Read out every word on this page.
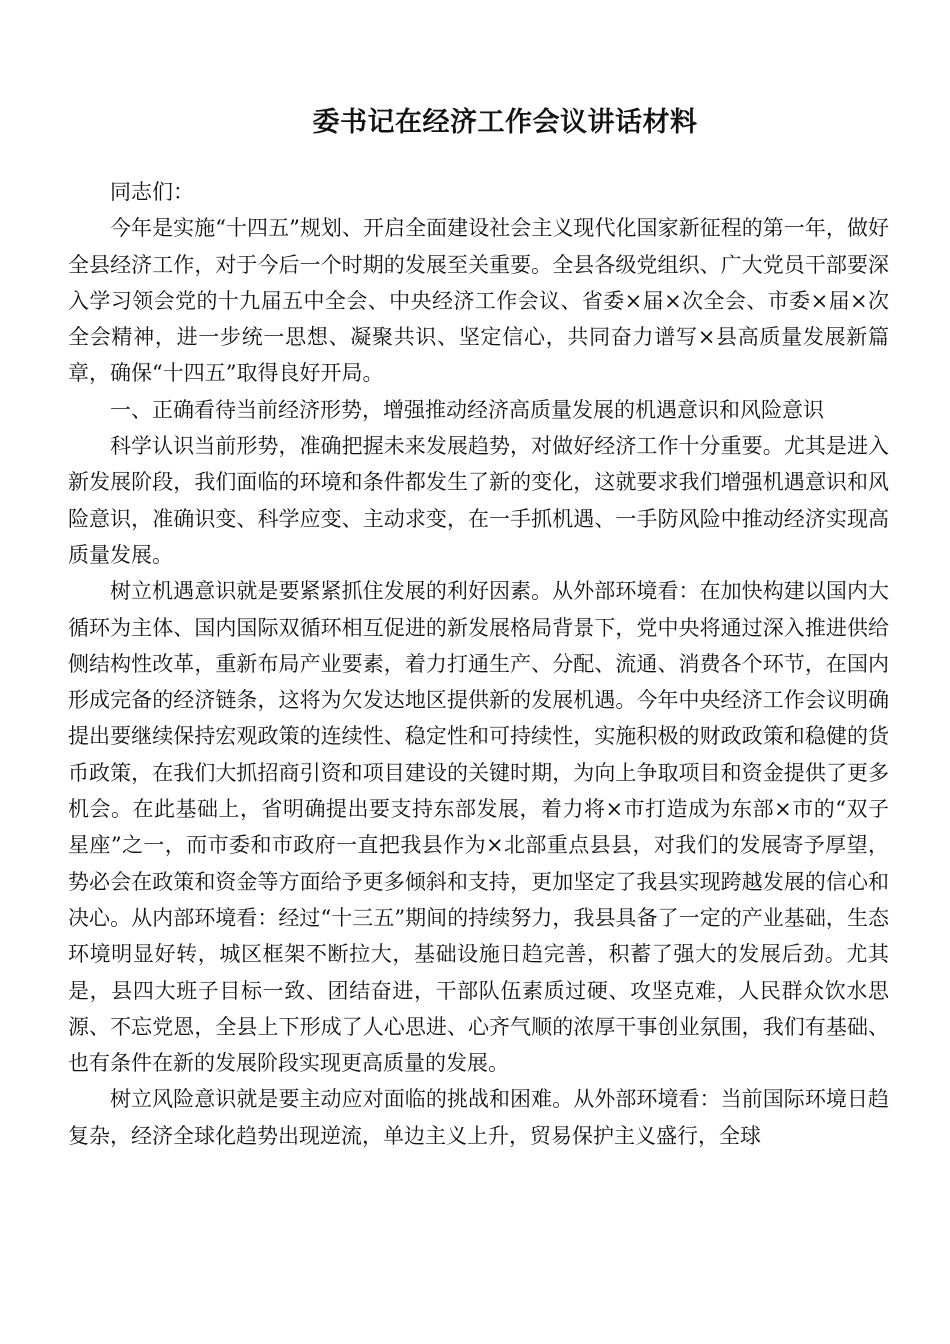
委书记在经济工作会议讲话材料

同志们：

今年是实施“十四五”规划、开启全面建设社会主义现代化国家新征程的第一年，做好全县经济工作，对于今后一个时期的发展至关重要。全县各级党组织、广大党员干部要深入学习领会党的十九届五中全会、中央经济工作会议、省委×届×次全会、市委×届×次全会精神，进一步统一思想、凝聚共识、坚定信心，共同奋力谱写×县高质量发展新篇章，确保“十四五”取得良好开局。

一、正确看待当前经济形势，增强推动经济高质量发展的机遇意识和风险意识

科学认识当前形势，准确把握未来发展趋势，对做好经济工作十分重要。尤其是进入新发展阶段，我们面临的环境和条件都发生了新的变化，这就要求我们增强机遇意识和风险意识，准确识变、科学应变、主动求变，在一手抓机遇、一手防风险中推动经济实现高质量发展。

树立机遇意识就是要紧紧抓住发展的利好因素。从外部环境看：在加快构建以国内大循环为主体、国内国际双循环相互促进的新发展格局背景下，党中央将通过深入推进供给侧结构性改革，重新布局产业要素，着力打通生产、分配、流通、消费各个环节，在国内形成完备的经济链条，这将为欠发达地区提供新的发展机遇。今年中央经济工作会议明确提出要继续保持宏观政策的连续性、稳定性和可持续性，实施积极的财政政策和稳健的货币政策，在我们大抓招商引资和项目建设的关键时期，为向上争取项目和资金提供了更多机会。在此基础上，省明确提出要支持东部发展，着力将×市打造成为东部×市的“双子星座”之一，而市委和市政府一直把我县作为×北部重点县县，对我们的发展寄予厚望，势必会在政策和资金等方面给予更多倾斜和支持，更加坚定了我县实现跨越发展的信心和决心。从内部环境看：经过“十三五”期间的持续努力，我县具备了一定的产业基础，生态环境明显好转，城区框架不断拉大，基础设施日趋完善，积蓄了强大的发展后劲。尤其是，县四大班子目标一致、团结奋进，干部队伍素质过硬、攻坚克难，人民群众饮水思源、不忘党恩，全县上下形成了人心思进、心齐气顺的浓厚干事创业氛围，我们有基础、也有条件在新的发展阶段实现更高质量的发展。

树立风险意识就是要主动应对面临的挑战和困难。从外部环境看：当前国际环境日趋复杂，经济全球化趋势出现逆流，单边主义上升，贸易保护主义盛行，全球
